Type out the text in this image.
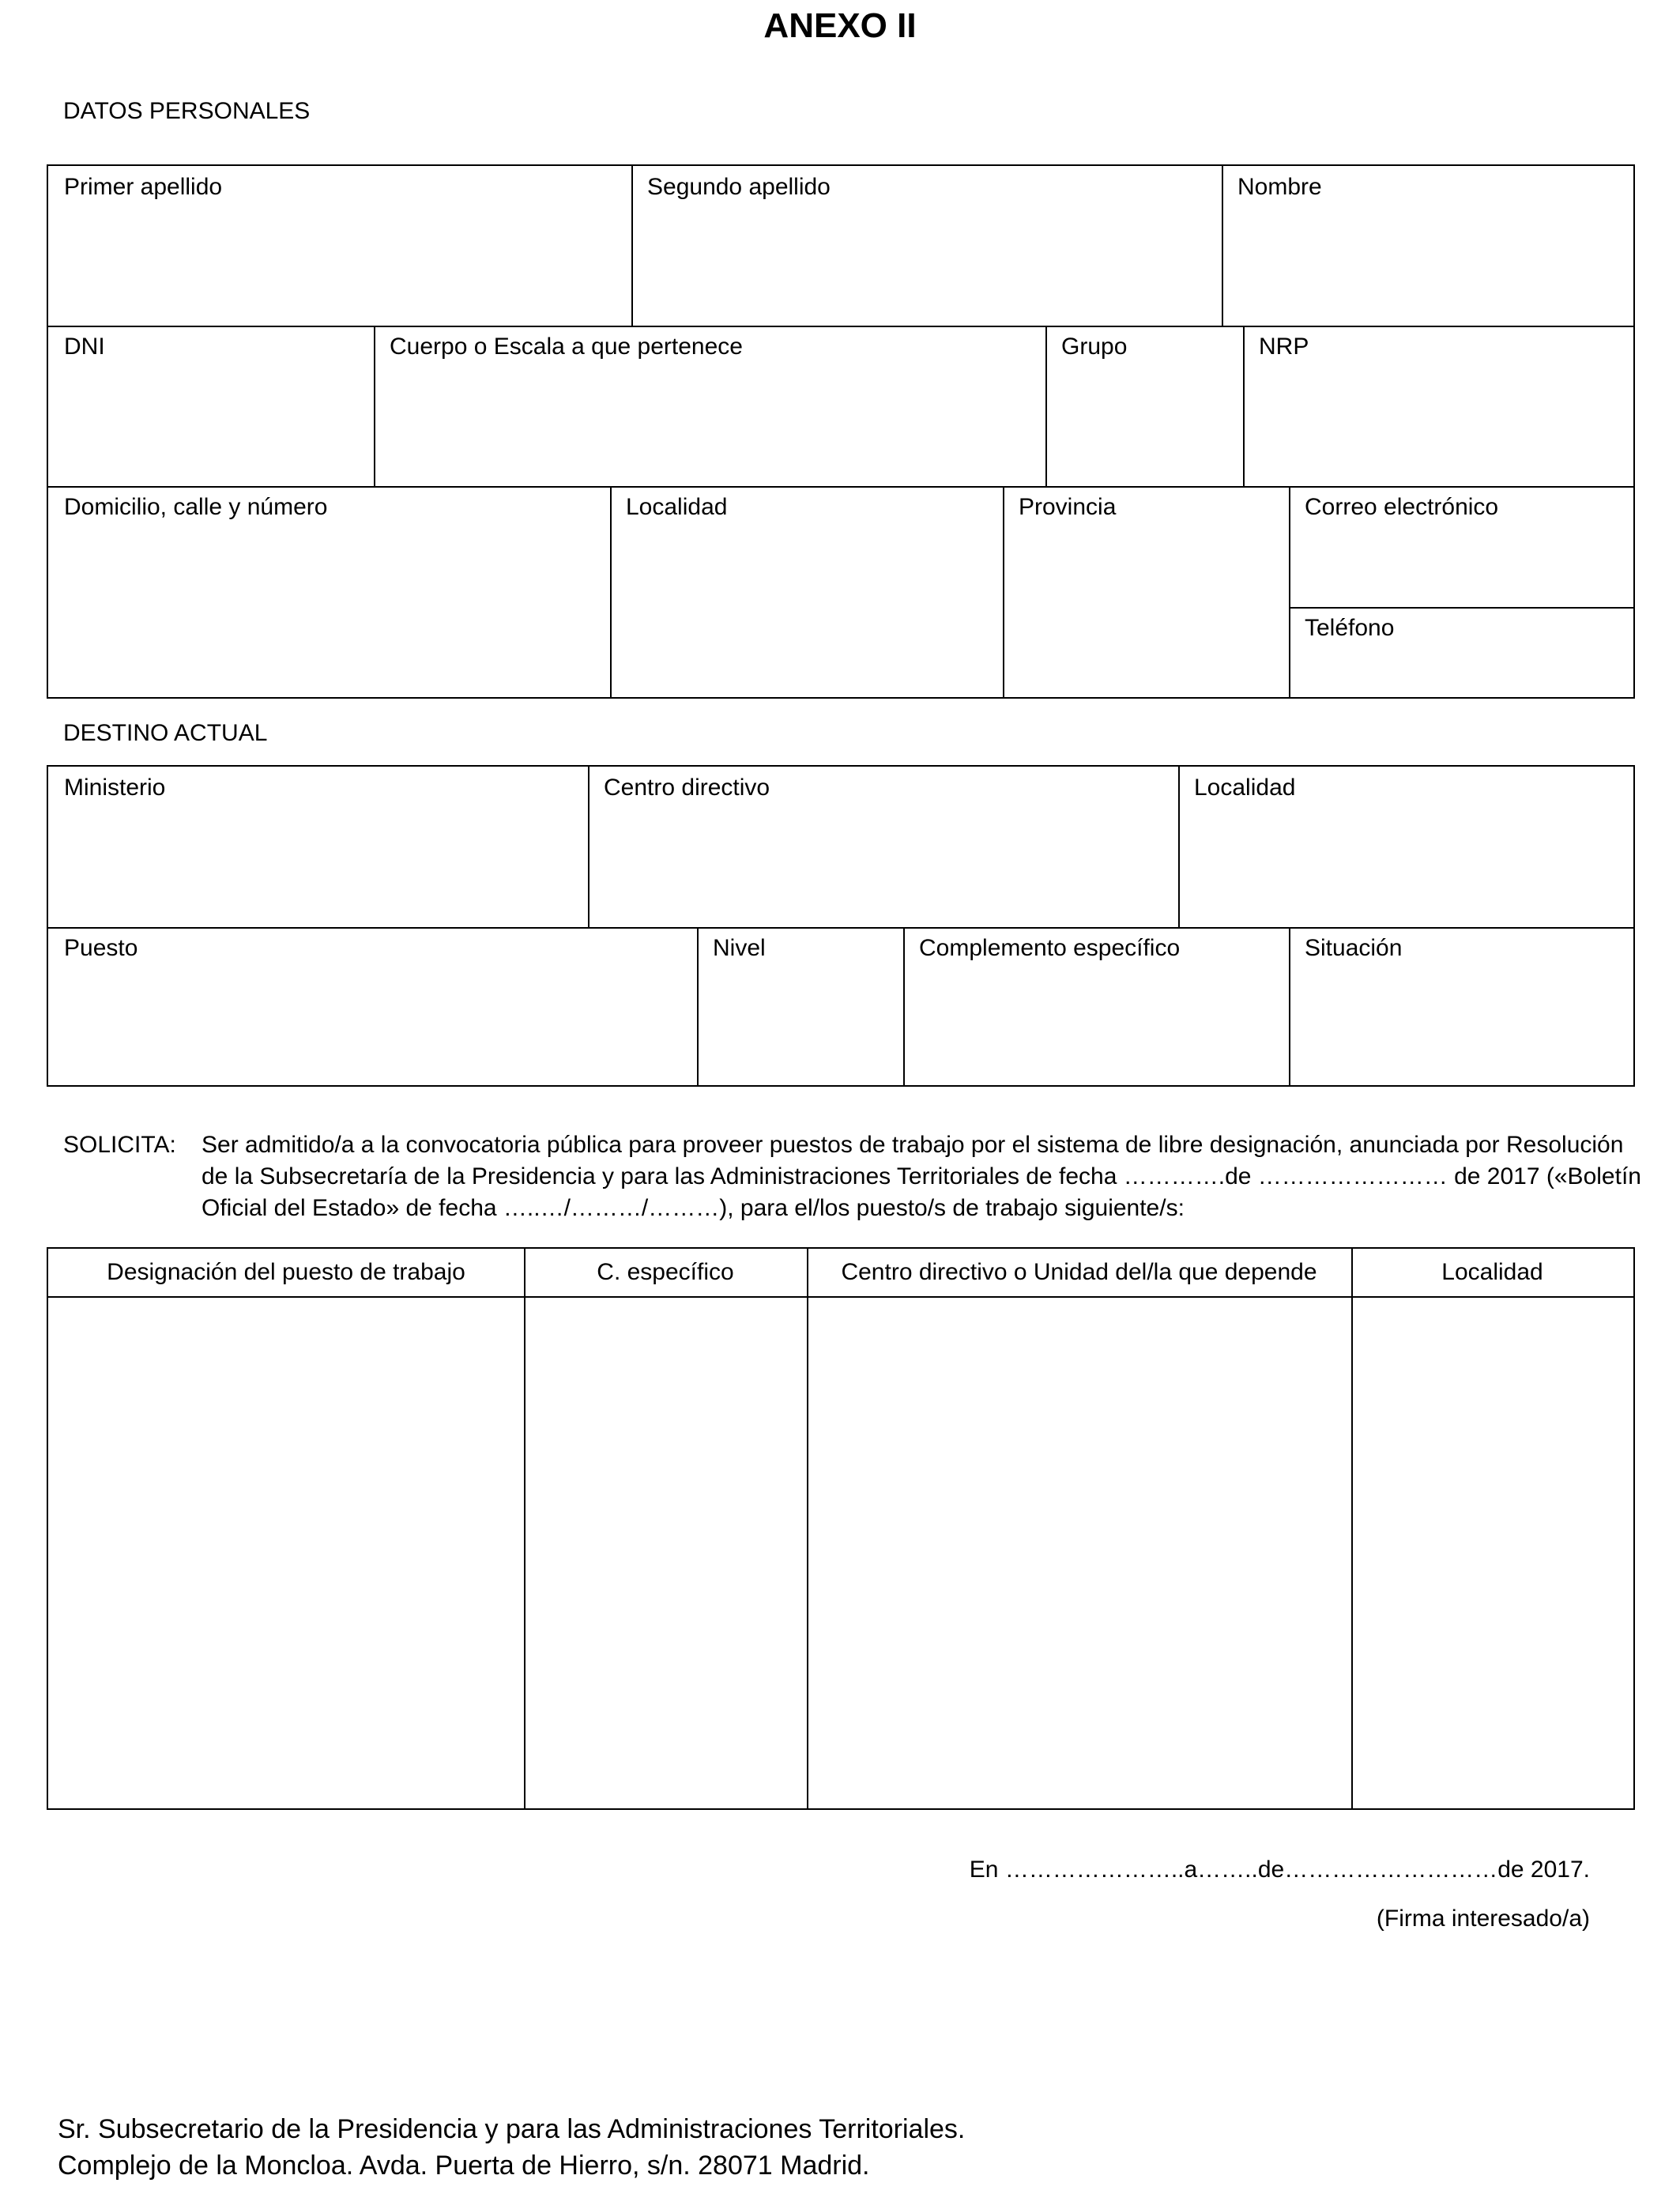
ANEXO II
DATOS PERSONALES
Primer apellido	Segundo apellido	Nombre
DNI	Cuerpo o Escala a que pertenece	Grupo	NRP
Domicilio, calle y número	Localidad	Provincia	Correo electrónico
Teléfono
DESTINO ACTUAL
Ministerio	Centro directivo	Localidad
Puesto	Nivel	Complemento específico	Situación
SOLICITA: Ser admitido/a a la convocatoria pública para proveer puestos de trabajo por el sistema de libre designación, anunciada por Resolución
de la Subsecretaría de la Presidencia y para las Administraciones Territoriales de fecha ………….de …………………… de 2017 («Boletín
Oficial del Estado» de fecha …..…/………/………), para el/los puesto/s de trabajo siguiente/s:
Designación del puesto de trabajo	C. específico	Centro directivo o Unidad del/la que depende	Localidad
En …………………..a……..de………………………de 2017.
(Firma interesado/a)
Sr. Subsecretario de la Presidencia y para las Administraciones Territoriales.
Complejo de la Moncloa. Avda. Puerta de Hierro, s/n. 28071 Madrid.
